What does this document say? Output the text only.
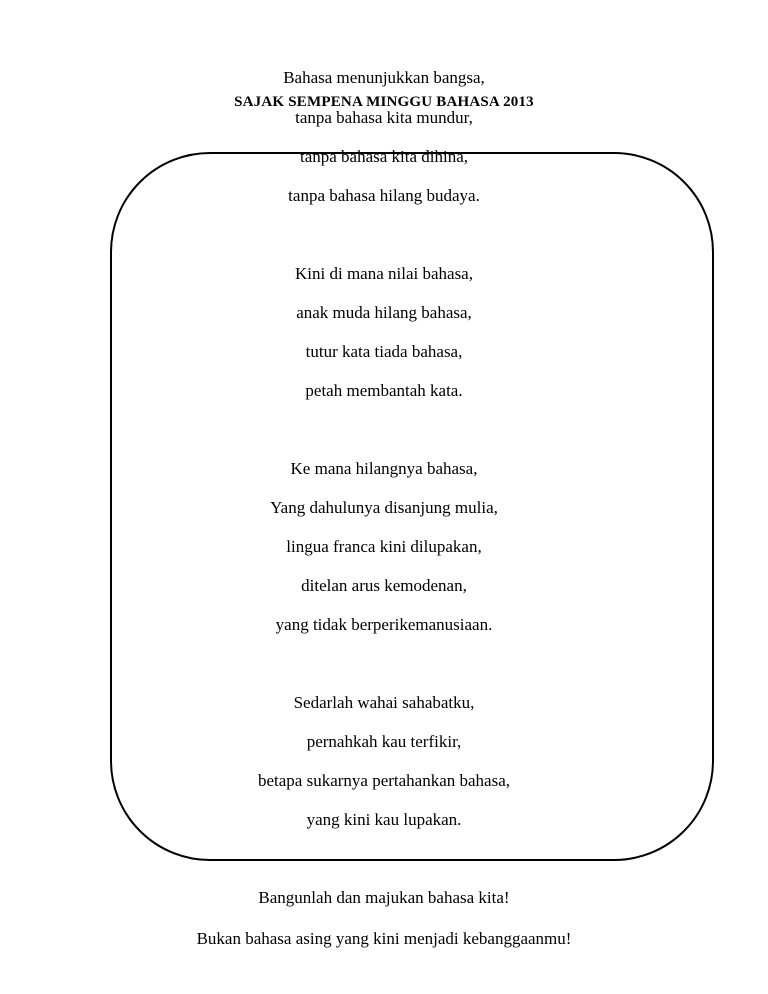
Bahasa menunjukkan bangsa,
SAJAK SEMPENA MINGGU BAHASA 2013
tanpa bahasa kita mundur,
tanpa bahasa kita dihina,
tanpa bahasa hilang budaya.
Kini di mana nilai bahasa,
anak muda hilang bahasa,
tutur kata tiada bahasa,
petah membantah kata.
Ke mana hilangnya bahasa,
Yang dahulunya disanjung mulia,
lingua franca kini dilupakan,
ditelan arus kemodenan,
yang tidak berperikemanusiaan.
Sedarlah wahai sahabatku,
pernahkah kau terfikir,
betapa sukarnya pertahankan bahasa,
yang kini kau lupakan.
Bangunlah dan majukan bahasa kita!
Bukan bahasa asing yang kini menjadi kebanggaanmu!
